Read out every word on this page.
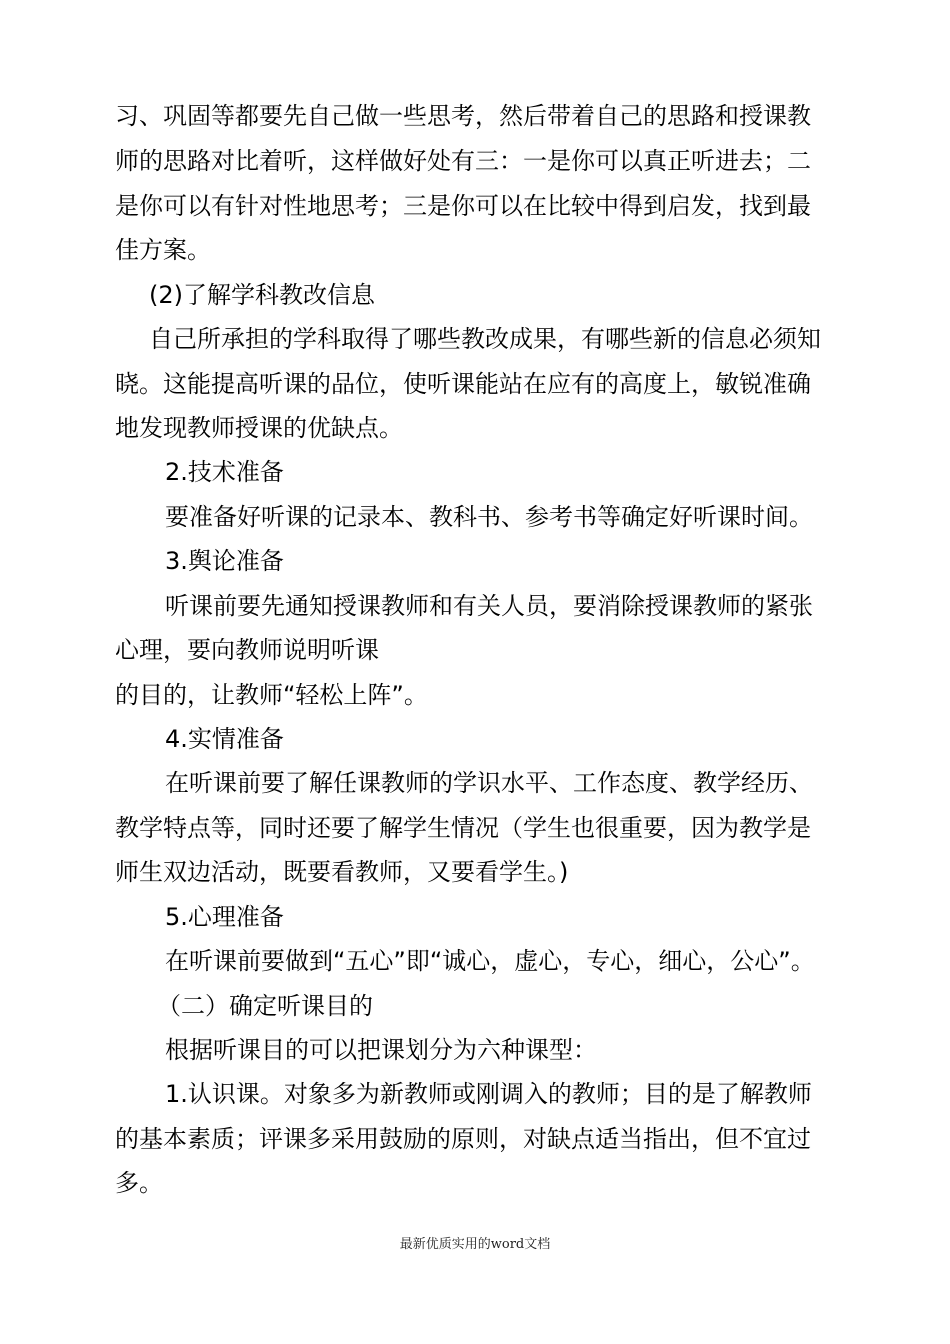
习、巩固等都要先自己做一些思考，然后带着自己的思路和授课教
师的思路对比着听，这样做好处有三：一是你可以真正听进去；二
是你可以有针对性地思考；三是你可以在比较中得到启发，找到最
佳方案。
(2)了解学科教改信息
自己所承担的学科取得了哪些教改成果，有哪些新的信息必须知
晓。这能提高听课的品位，使听课能站在应有的高度上，敏锐准确
地发现教师授课的优缺点。
2.技术准备
要准备好听课的记录本、教科书、参考书等确定好听课时间。
3.舆论准备
听课前要先通知授课教师和有关人员，要消除授课教师的紧张
心理，要向教师说明听课
的目的，让教师“轻松上阵”。
4.实情准备
在听课前要了解任课教师的学识水平、工作态度、教学经历、
教学特点等，同时还要了解学生情况（学生也很重要，因为教学是
师生双边活动，既要看教师，又要看学生。)
5.心理准备
在听课前要做到“五心”即“诚心，虚心，专心，细心，公心”。
（二）确定听课目的
根据听课目的可以把课划分为六种课型：
1.认识课。对象多为新教师或刚调入的教师；目的是了解教师
的基本素质；评课多采用鼓励的原则，对缺点适当指出，但不宜过
多。
最新优质实用的word文档
